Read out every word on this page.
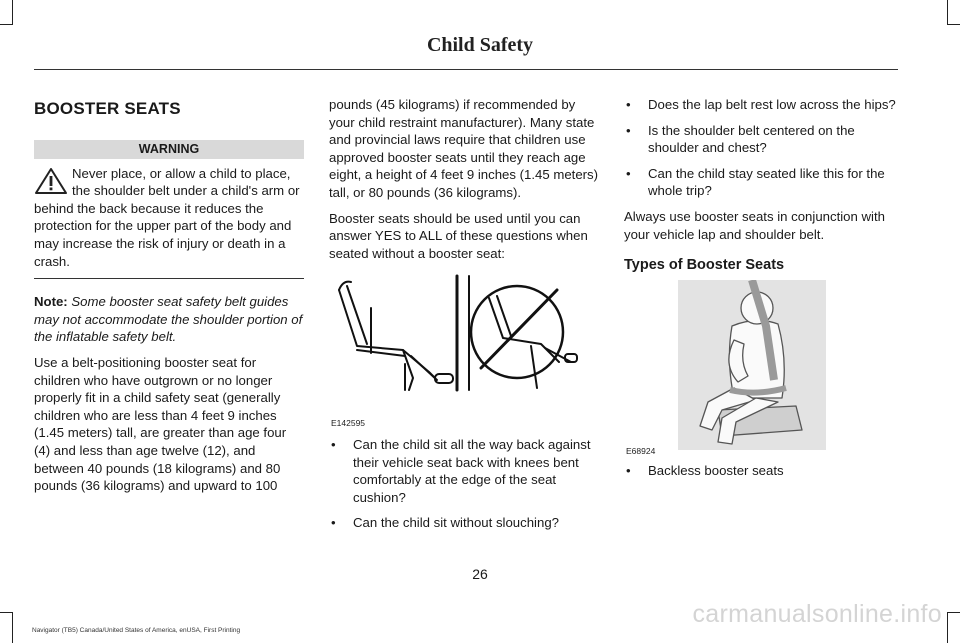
Child Safety
BOOSTER SEATS
WARNING

Never place, or allow a child to place, the shoulder belt under a child's arm or behind the back because it reduces the protection for the upper part of the body and may increase the risk of injury or death in a crash.

Note: Some booster seat safety belt guides may not accommodate the shoulder portion of the inflatable safety belt.

Use a belt-positioning booster seat for children who have outgrown or no longer properly fit in a child safety seat (generally children who are less than 4 feet 9 inches (1.45 meters) tall, are greater than age four (4) and less than age twelve (12), and between 40 pounds (18 kilograms) and 80 pounds (36 kilograms) and upward to 100

pounds (45 kilograms) if recommended by your child restraint manufacturer). Many state and provincial laws require that children use approved booster seats until they reach age eight, a height of 4 feet 9 inches (1.45 meters) tall, or 80 pounds (36 kilograms).

Booster seats should be used until you can answer YES to ALL of these questions when seated without a booster seat:

E142595
• Can the child sit all the way back against their vehicle seat back with knees bent comfortably at the edge of the seat cushion?
• Can the child sit without slouching?
• Does the lap belt rest low across the hips?
• Is the shoulder belt centered on the shoulder and chest?
• Can the child stay seated like this for the whole trip?

Always use booster seats in conjunction with your vehicle lap and shoulder belt.

Types of Booster Seats
E68924
• Backless booster seats
26
Navigator (TB5) Canada/United States of America, enUSA, First Printing
carmanualsonline.info
